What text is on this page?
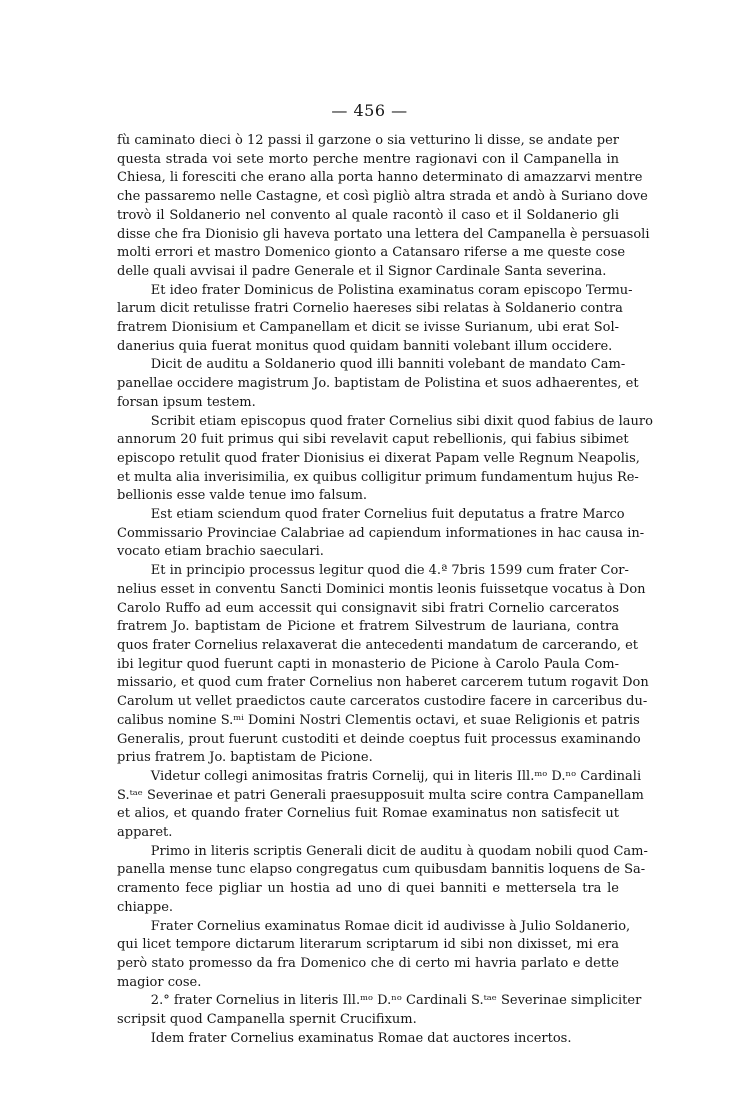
— 456 —

fù caminato dieci ò 12 passi il garzone o sia vetturino li disse, se andate per
questa strada voi sete morto perche mentre ragionavi con il Campanella in
Chiesa, li foresciti che erano alla porta hanno determinato di amazzarvi mentre
che passaremo nelle Castagne, et così pigliò altra strada et andò à Suriano dove
trovò il Soldanerio nel convento al quale racontò il caso et il Soldanerio gli
disse che fra Dionisio gli haveva portato una lettera del Campanella è persuasoli
molti errori et mastro Domenico gionto a Catansaro riferse a me queste cose
delle quali avvisai il padre Generale et il Signor Cardinale Santa severina.

Et ideo frater Dominicus de Polistina examinatus coram episcopo Termu-
larum dicit retulisse fratri Cornelio haereses sibi relatas à Soldanerio contra
fratrem Dionisium et Campanellam et dicit se ivisse Surianum, ubi erat Sol-
danerius quia fuerat monitus quod quidam banniti volebant illum occidere.

Dicit de auditu a Soldanerio quod illi banniti volebant de mandato Cam-
panellae occidere magistrum Jo. baptistam de Polistina et suos adhaerentes, et
forsan ipsum testem.

Scribit etiam episcopus quod frater Cornelius sibi dixit quod fabius de lauro
annorum 20 fuit primus qui sibi revelavit caput rebellionis, qui fabius sibimet
episcopo retulit quod frater Dionisius ei dixerat Papam velle Regnum Neapolis,
et multa alia inverisimilia, ex quibus colligitur primum fundamentum hujus Re-
bellionis esse valde tenue imo falsum.

Est etiam sciendum quod frater Cornelius fuit deputatus a fratre Marco
Commissario Provinciae Calabriae ad capiendum informationes in hac causa in-
vocato etiam brachio saeculari.

Et in principio processus legitur quod die 4.ª 7bris 1599 cum frater Cor-
nelius esset in conventu Sancti Dominici montis leonis fuissetque vocatus à Don
Carolo Ruffo ad eum accessit qui consignavit sibi fratri Cornelio carceratos
fratrem Jo. baptistam de Picione et fratrem Silvestrum de lauriana, contra
quos frater Cornelius relaxaverat die antecedenti mandatum de carcerando, et
ibi legitur quod fuerunt capti in monasterio de Picione à Carolo Paula Com-
missario, et quod cum frater Cornelius non haberet carcerem tutum rogavit Don
Carolum ut vellet praedictos caute carceratos custodire facere in carceribus du-
calibus nomine S.ᵐⁱ Domini Nostri Clementis octavi, et suae Religionis et patris
Generalis, prout fuerunt custoditi et deinde coeptus fuit processus examinando
prius fratrem Jo. baptistam de Picione.

Videtur collegi animositas fratris Cornelij, qui in literis Ill.ᵐᵒ D.ⁿᵒ Cardinali
S.ᵗᵃᵉ Severinae et patri Generali praesupposuit multa scire contra Campanellam
et alios, et quando frater Cornelius fuit Romae examinatus non satisfecit ut
apparet.

Primo in literis scriptis Generali dicit de auditu à quodam nobili quod Cam-
panella mense tunc elapso congregatus cum quibusdam bannitis loquens de Sa-
cramento fece pigliar un hostia ad uno di quei banniti e mettersela tra le
chiappe.

Frater Cornelius examinatus Romae dicit id audivisse à Julio Soldanerio,
qui licet tempore dictarum literarum scriptarum id sibi non dixisset, mi era
però stato promesso da fra Domenico che di certo mi havria parlato e dette
magior cose.

2.° frater Cornelius in literis Ill.ᵐᵒ D.ⁿᵒ Cardinali S.ᵗᵃᵉ Severinae simpliciter
scripsit quod Campanella spernit Crucifixum.

Idem frater Cornelius examinatus Romae dat auctores incertos.
